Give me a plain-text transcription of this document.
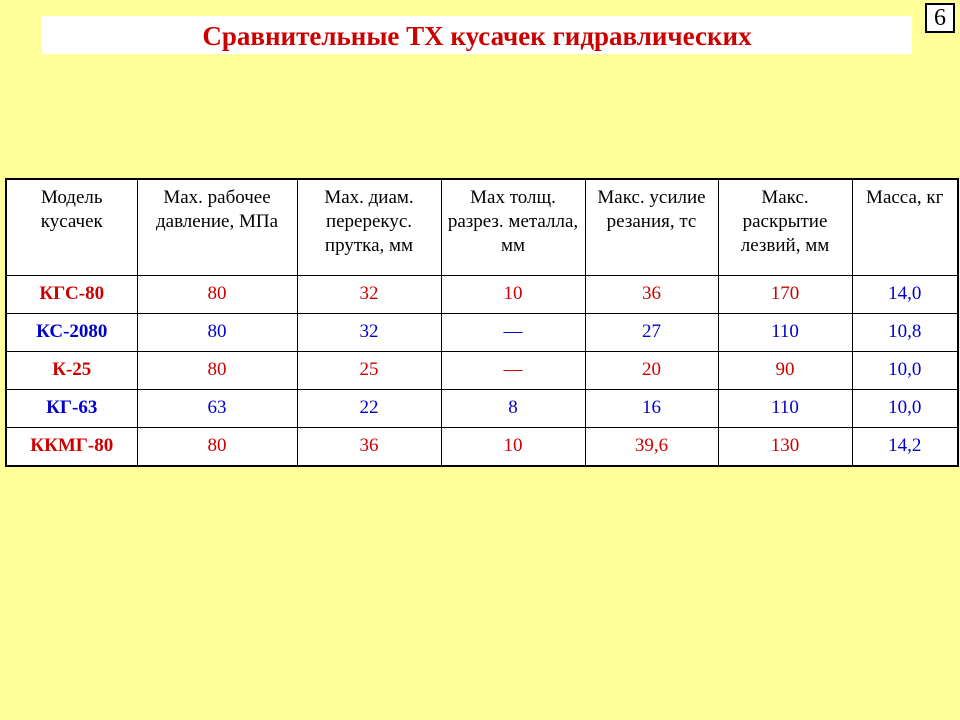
Сравнительные ТХ кусачек гидравлических
6
Модель кусачек	Max. рабочее давление, МПа	Max. диам. перерекус. прутка, мм	Max толщ. разрез. металла, мм	Макс. усилие резания, тс	Макс. раскрытие лезвий, мм	Масса, кг
КГС-80	80	32	10	36	170	14,0
КС-2080	80	32	—	27	110	10,8
К-25	80	25	—	20	90	10,0
КГ-63	63	22	8	16	110	10,0
ККМГ-80	80	36	10	39,6	130	14,2
